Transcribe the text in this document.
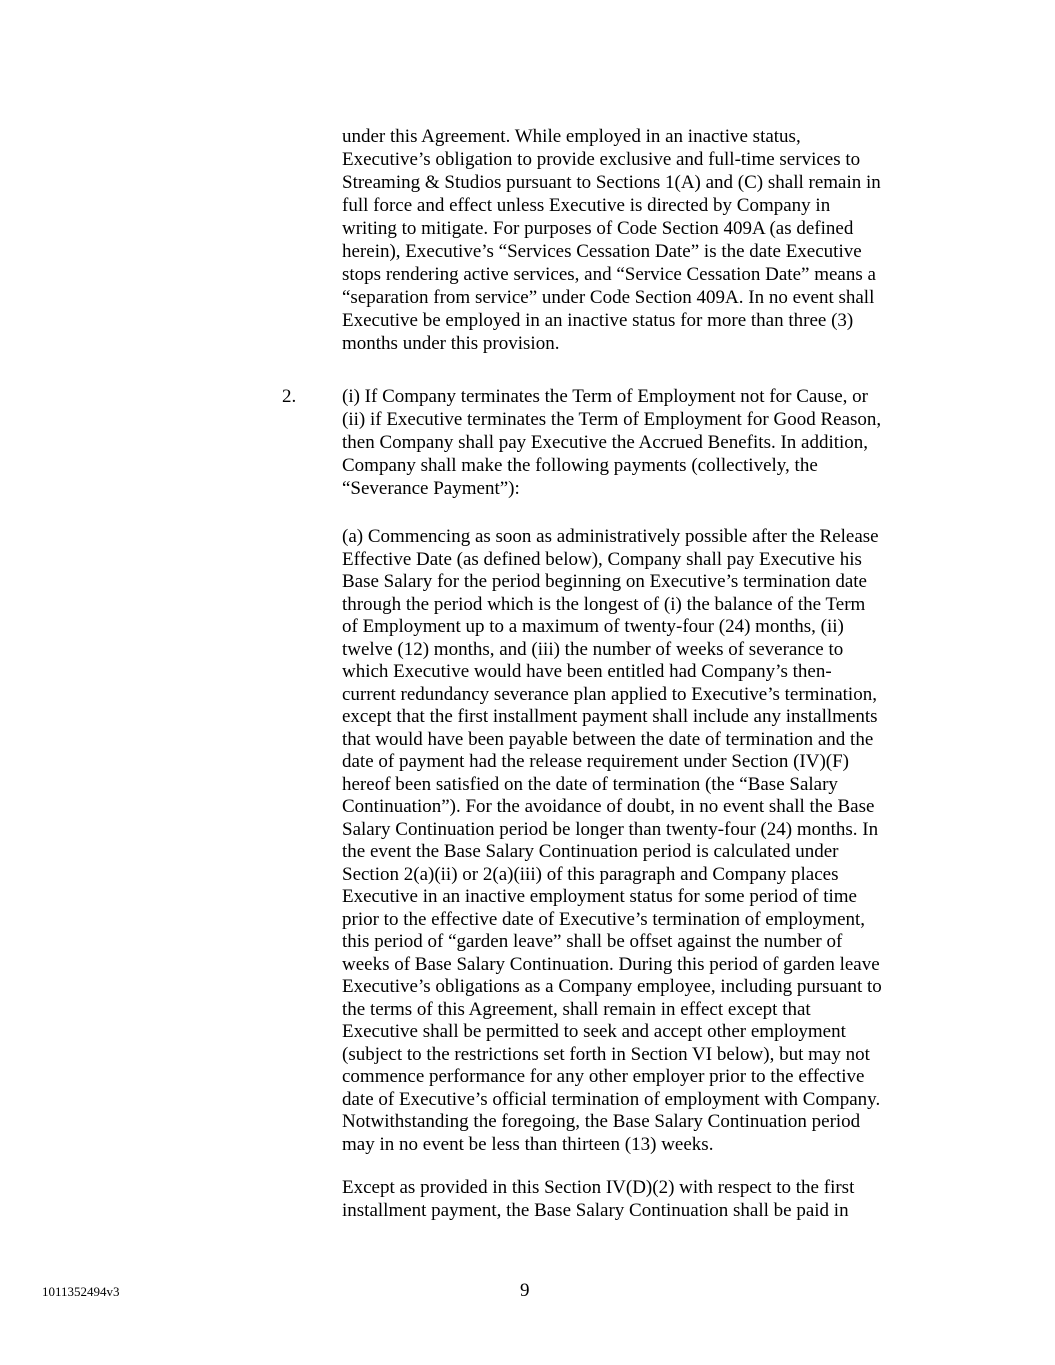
under this Agreement. While employed in an inactive status,
Executive’s obligation to provide exclusive and full-time services to
Streaming & Studios pursuant to Sections 1(A) and (C) shall remain in
full force and effect unless Executive is directed by Company in
writing to mitigate. For purposes of Code Section 409A (as defined
herein), Executive’s “Services Cessation Date” is the date Executive
stops rendering active services, and “Service Cessation Date” means a
“separation from service” under Code Section 409A. In no event shall
Executive be employed in an inactive status for more than three (3)
months under this provision.
2. (i) If Company terminates the Term of Employment not for Cause, or
(ii) if Executive terminates the Term of Employment for Good Reason,
then Company shall pay Executive the Accrued Benefits. In addition,
Company shall make the following payments (collectively, the
“Severance Payment”):
(a) Commencing as soon as administratively possible after the Release
Effective Date (as defined below), Company shall pay Executive his
Base Salary for the period beginning on Executive’s termination date
through the period which is the longest of (i) the balance of the Term
of Employment up to a maximum of twenty-four (24) months, (ii)
twelve (12) months, and (iii) the number of weeks of severance to
which Executive would have been entitled had Company’s then-
current redundancy severance plan applied to Executive’s termination,
except that the first installment payment shall include any installments
that would have been payable between the date of termination and the
date of payment had the release requirement under Section (IV)(F)
hereof been satisfied on the date of termination (the “Base Salary
Continuation”). For the avoidance of doubt, in no event shall the Base
Salary Continuation period be longer than twenty-four (24) months. In
the event the Base Salary Continuation period is calculated under
Section 2(a)(ii) or 2(a)(iii) of this paragraph and Company places
Executive in an inactive employment status for some period of time
prior to the effective date of Executive’s termination of employment,
this period of “garden leave” shall be offset against the number of
weeks of Base Salary Continuation. During this period of garden leave
Executive’s obligations as a Company employee, including pursuant to
the terms of this Agreement, shall remain in effect except that
Executive shall be permitted to seek and accept other employment
(subject to the restrictions set forth in Section VI below), but may not
commence performance for any other employer prior to the effective
date of Executive’s official termination of employment with Company.
Notwithstanding the foregoing, the Base Salary Continuation period
may in no event be less than thirteen (13) weeks.
Except as provided in this Section IV(D)(2) with respect to the first
installment payment, the Base Salary Continuation shall be paid in
1011352494v3	9
